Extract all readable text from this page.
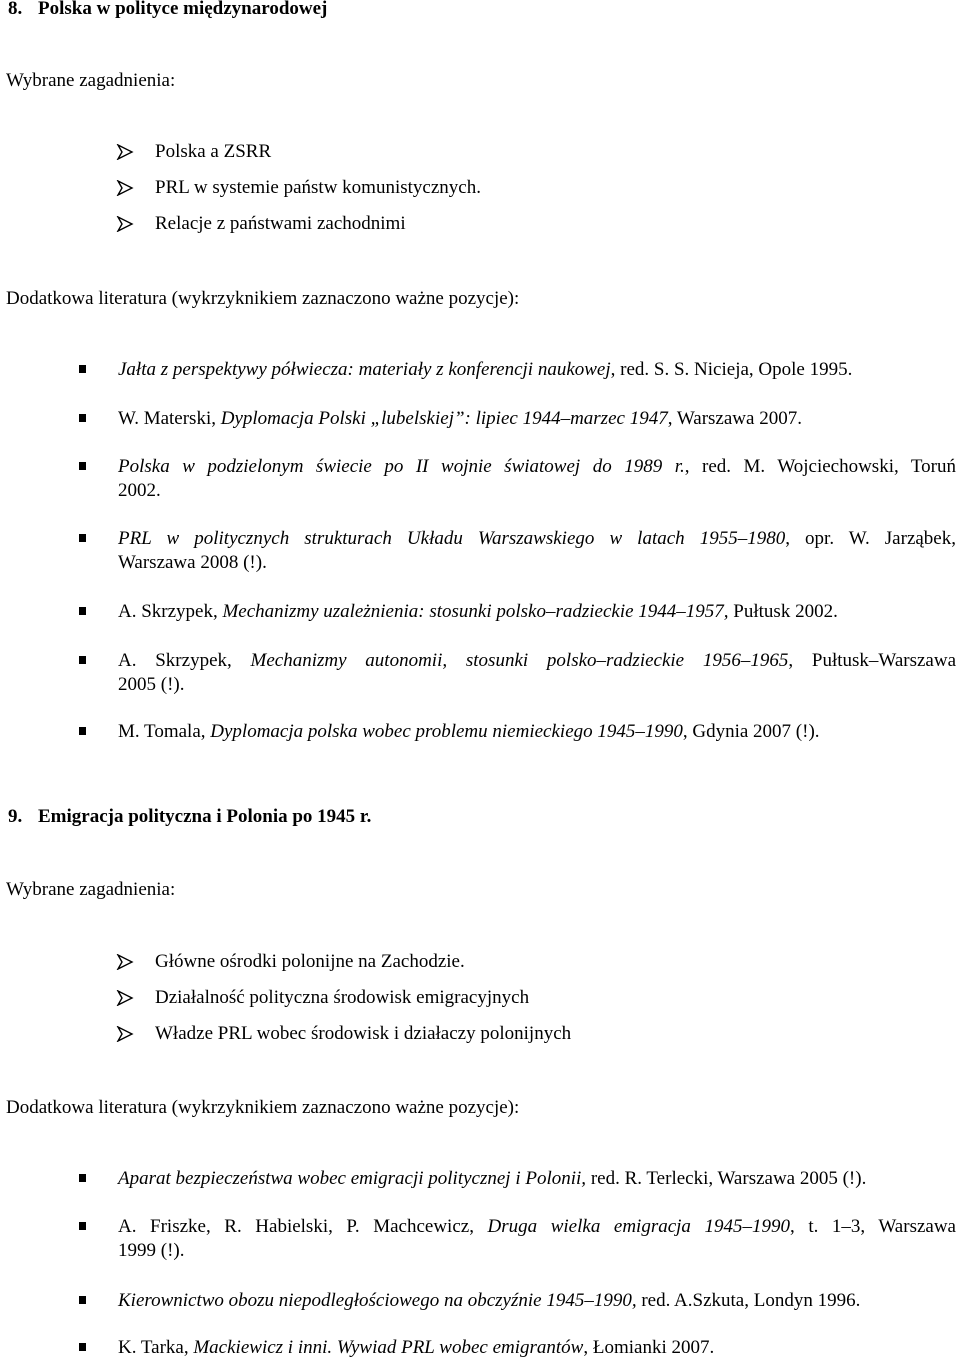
8. Polska w polityce międzynarodowej
Wybrane zagadnienia:
Polska a ZSRR
PRL w systemie państw komunistycznych.
Relacje z państwami zachodnimi
Dodatkowa literatura (wykrzyknikiem zaznaczono ważne pozycje):
Jałta z perspektywy półwiecza: materiały z konferencji naukowej, red. S. S. Nicieja, Opole 1995.
W. Materski, Dyplomacja Polski „lubelskiej”: lipiec 1944–marzec 1947, Warszawa 2007.
Polska w podzielonym świecie po II wojnie światowej do 1989 r., red. M. Wojciechowski, Toruń
2002.
PRL w politycznych strukturach Układu Warszawskiego w latach 1955–1980, opr. W. Jarząbek,
Warszawa 2008 (!).
A. Skrzypek, Mechanizmy uzależnienia: stosunki polsko–radzieckie 1944–1957, Pułtusk 2002.
A. Skrzypek, Mechanizmy autonomii, stosunki polsko–radzieckie 1956–1965, Pułtusk–Warszawa
2005 (!).
M. Tomala, Dyplomacja polska wobec problemu niemieckiego 1945–1990, Gdynia 2007 (!).
9. Emigracja polityczna i Polonia po 1945 r.
Wybrane zagadnienia:
Główne ośrodki polonijne na Zachodzie.
Działalność polityczna środowisk emigracyjnych
Władze PRL wobec środowisk i działaczy polonijnych
Dodatkowa literatura (wykrzyknikiem zaznaczono ważne pozycje):
Aparat bezpieczeństwa wobec emigracji politycznej i Polonii, red. R. Terlecki, Warszawa 2005 (!).
A. Friszke, R. Habielski, P. Machcewicz, Druga wielka emigracja 1945–1990, t. 1–3, Warszawa
1999 (!).
Kierownictwo obozu niepodległościowego na obczyźnie 1945–1990, red. A.Szkuta, Londyn 1996.
K. Tarka, Mackiewicz i inni. Wywiad PRL wobec emigrantów, Łomianki 2007.
